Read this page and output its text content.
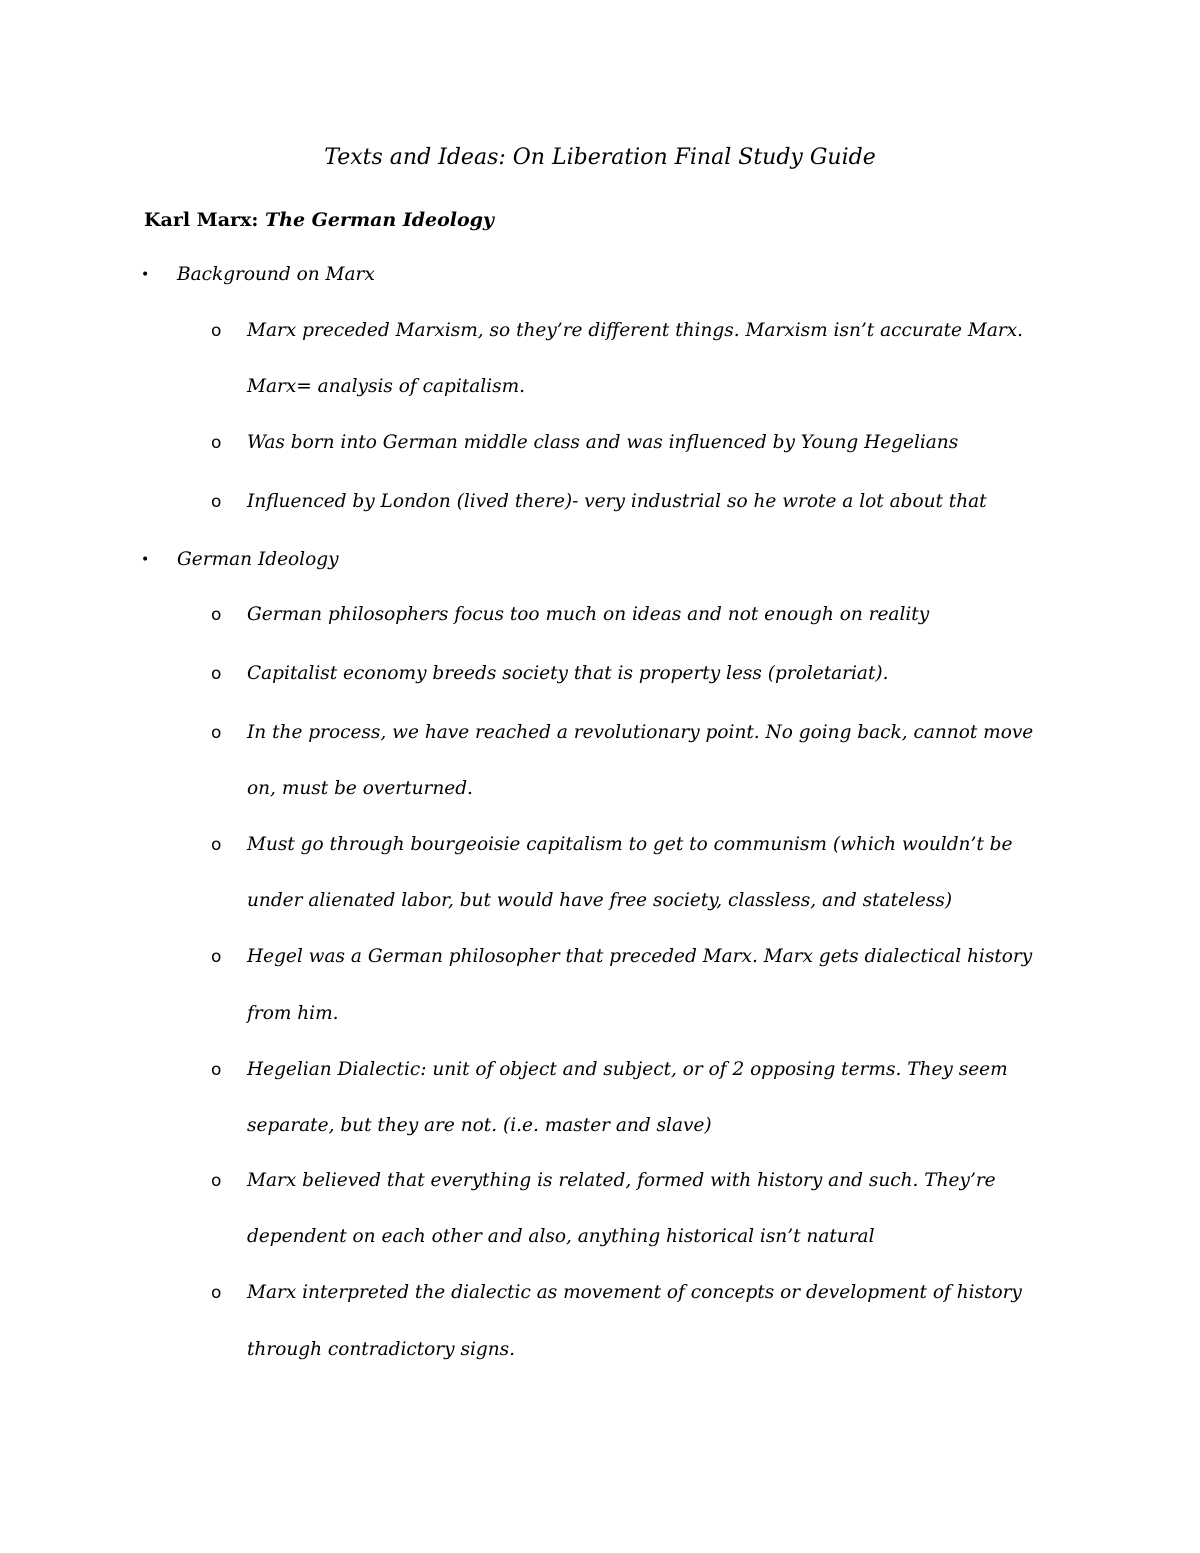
Texts and Ideas: On Liberation Final Study Guide
Karl Marx: The German Ideology
• Background on Marx
o Marx preceded Marxism, so they’re different things. Marxism isn’t accurate Marx.
Marx= analysis of capitalism.
o Was born into German middle class and was influenced by Young Hegelians
o Influenced by London (lived there)- very industrial so he wrote a lot about that
• German Ideology
o German philosophers focus too much on ideas and not enough on reality
o Capitalist economy breeds society that is property less (proletariat).
o In the process, we have reached a revolutionary point. No going back, cannot move
on, must be overturned.
o Must go through bourgeoisie capitalism to get to communism (which wouldn’t be
under alienated labor, but would have free society, classless, and stateless)
o Hegel was a German philosopher that preceded Marx. Marx gets dialectical history
from him.
o Hegelian Dialectic: unit of object and subject, or of 2 opposing terms. They seem
separate, but they are not. (i.e. master and slave)
o Marx believed that everything is related, formed with history and such. They’re
dependent on each other and also, anything historical isn’t natural
o Marx interpreted the dialectic as movement of concepts or development of history
through contradictory signs.
